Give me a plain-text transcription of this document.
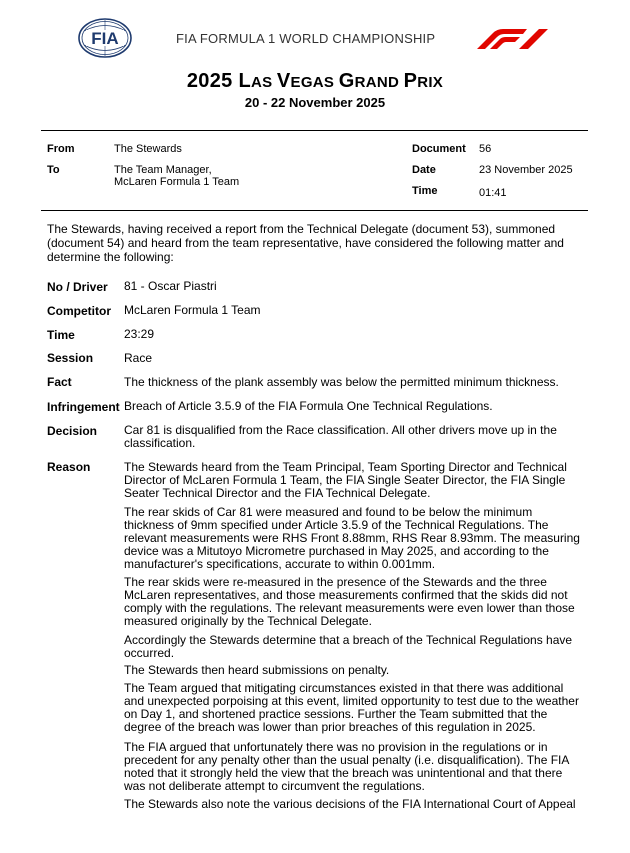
FIA	FIA FORMULA 1 WORLD CHAMPIONSHIP
2025 LAS VEGAS GRAND PRIX
20 - 22 November 2025
From	The Stewards
To	The Team Manager,
McLaren Formula 1 Team
Document 56
Date	23 November 2025
Time	01:41
The Stewards, having received a report from the Technical Delegate (document 53), summoned (document 54) and heard from the team representative, have considered the following matter and determine the following:
No / Driver 81 - Oscar Piastri
Competitor McLaren Formula 1 Team
Time	23:29
Session	Race
Fact	The thickness of the plank assembly was below the permitted minimum thickness.
Infringement Breach of Article 3.5.9 of the FIA Formula One Technical Regulations.
Decision Car 81 is disqualified from the Race classification. All other drivers move up in the classification.
Reason	The Stewards heard from the Team Principal, Team Sporting Director and Technical Director of McLaren Formula 1 Team, the FIA Single Seater Director, the FIA Single Seater Technical Director and the FIA Technical Delegate.
The rear skids of Car 81 were measured and found to be below the minimum thickness of 9mm specified under Article 3.5.9 of the Technical Regulations. The relevant measurements were RHS Front 8.88mm, RHS Rear 8.93mm. The measuring device was a Mitutoyo Micrometre purchased in May 2025, and according to the manufacturer's specifications, accurate to within 0.001mm.
The rear skids were re-measured in the presence of the Stewards and the three McLaren representatives, and those measurements confirmed that the skids did not comply with the regulations. The relevant measurements were even lower than those measured originally by the Technical Delegate.
Accordingly the Stewards determine that a breach of the Technical Regulations have occurred.
The Stewards then heard submissions on penalty.
The Team argued that mitigating circumstances existed in that there was additional and unexpected porpoising at this event, limited opportunity to test due to the weather on Day 1, and shortened practice sessions. Further the Team submitted that the degree of the breach was lower than prior breaches of this regulation in 2025.
The FIA argued that unfortunately there was no provision in the regulations or in precedent for any penalty other than the usual penalty (i.e. disqualification). The FIA noted that it strongly held the view that the breach was unintentional and that there was not deliberate attempt to circumvent the regulations.
The Stewards also note the various decisions of the FIA International Court of Appeal
